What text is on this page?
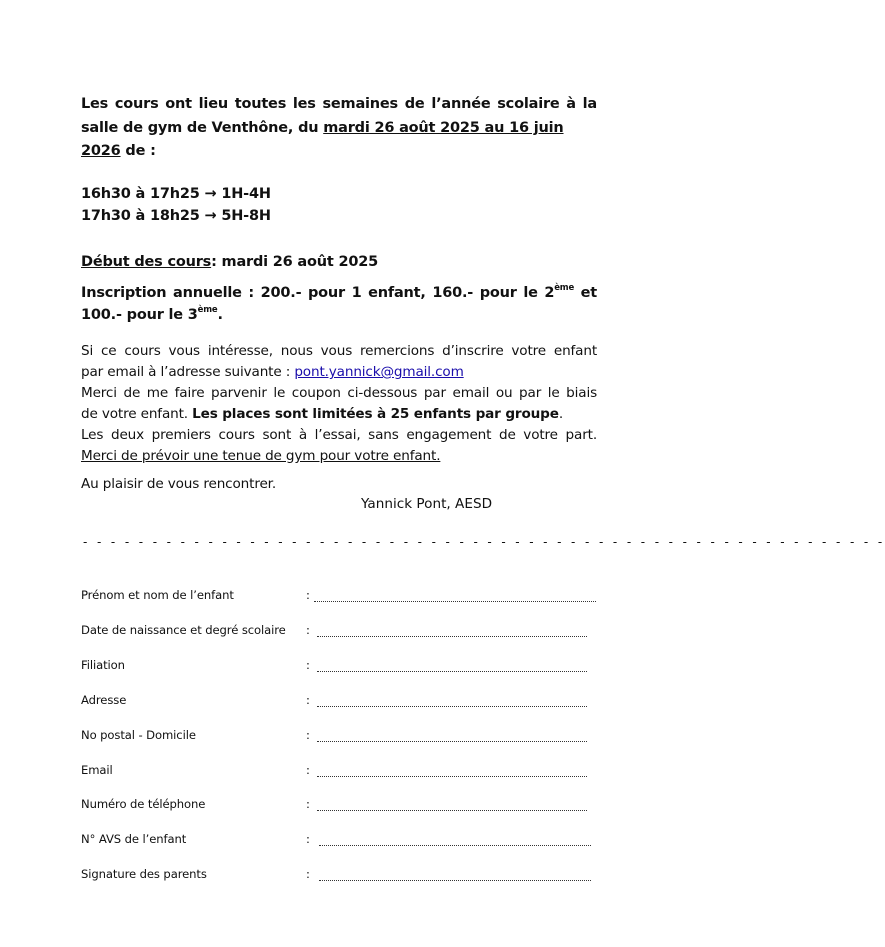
Les cours ont lieu toutes les semaines de l’année scolaire à la
salle de gym de Venthône, du mardi 26 août 2025 au 16 juin
2026 de :
16h30 à 17h25 → 1H-4H
17h30 à 18h25 → 5H-8H
Début des cours: mardi 26 août 2025
Inscription annuelle : 200.- pour 1 enfant, 160.- pour le 2ème et
100.- pour le 3ème.
Si ce cours vous intéresse, nous vous remercions d’inscrire votre enfant
par email à l’adresse suivante : pont.yannick@gmail.com
Merci de me faire parvenir le coupon ci-dessous par email ou par le biais
de votre enfant. Les places sont limitées à 25 enfants par groupe.
Les deux premiers cours sont à l’essai, sans engagement de votre part.
Merci de prévoir une tenue de gym pour votre enfant.
Au plaisir de vous rencontrer.
Yannick Pont, AESD
- - - - - - - - - - - - - - - - - - - - - - - - - - - - - - - - - - - - - - - - - - - - - - - - - - - - - - - - - -
Prénom et nom de l’enfant	:
Date de naissance et degré scolaire :
Filiation	:
Adresse	:
No postal - Domicile	:
Email	:
Numéro de téléphone	:
N° AVS de l’enfant	:
Signature des parents	:
